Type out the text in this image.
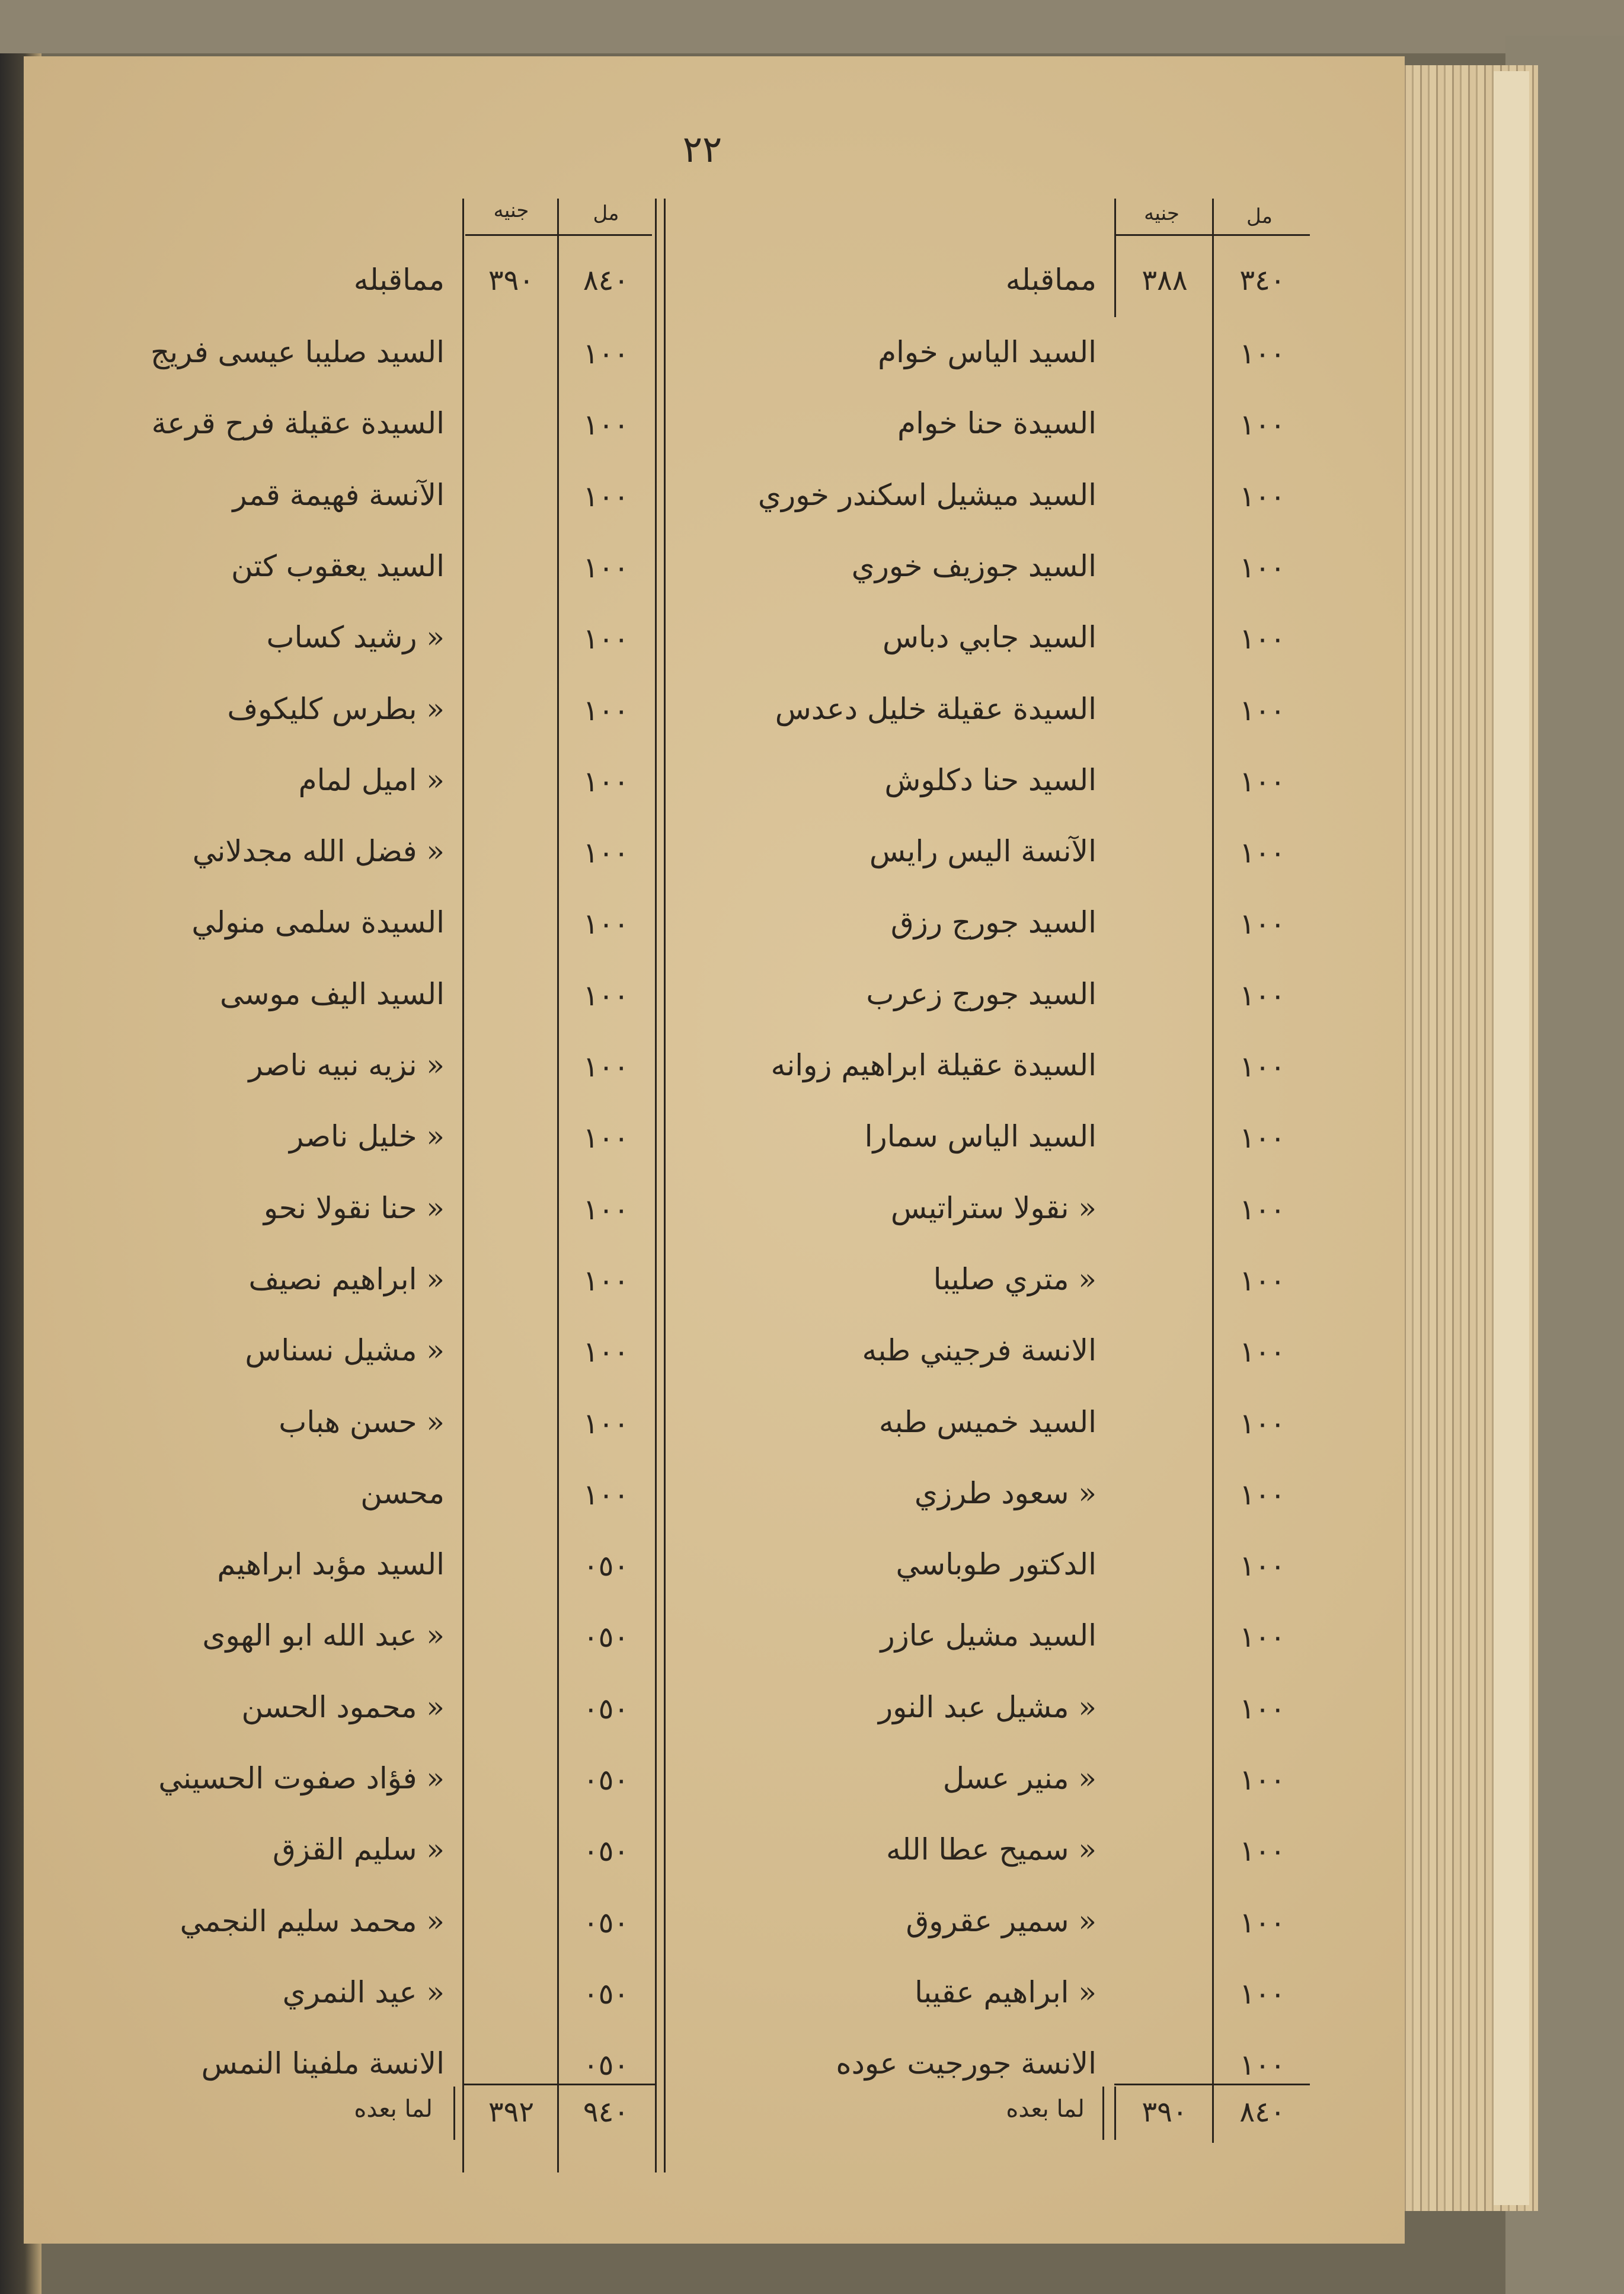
٢٢
مل
جنيه
مل
جنيه
٣٤٠
٣٨٨
مماقبله
٨٤٠
٣٩٠
مماقبله
١٠٠
السيد الياس خوام
١٠٠
السيدة حنا خوام
١٠٠
السيد ميشيل اسكندر خوري
١٠٠
السيد جوزيف خوري
١٠٠
السيد جابي دباس
١٠٠
السيدة عقيلة خليل دعدس
١٠٠
السيد حنا دكلوش
١٠٠
الآنسة اليس رايس
١٠٠
السيد جورج رزق
١٠٠
السيد جورج زعرب
١٠٠
السيدة عقيلة ابراهيم زوانه
١٠٠
السيد الياس سمارا
١٠٠
« نقولا ستراتيس
١٠٠
« متري صليبا
١٠٠
الانسة فرجيني طبه
١٠٠
السيد خميس طبه
١٠٠
« سعود طرزي
١٠٠
الدكتور طوباسي
١٠٠
السيد مشيل عازر
١٠٠
« مشيل عبد النور
١٠٠
« منير عسل
١٠٠
« سميح عطا الله
١٠٠
« سمير عقروق
١٠٠
« ابراهيم عقيبا
١٠٠
الانسة جورجيت عوده
١٠٠
السيد صليبا عيسى فريج
١٠٠
السيدة عقيلة فرح قرعة
١٠٠
الآنسة فهيمة قمر
١٠٠
السيد يعقوب كتن
١٠٠
« رشيد كساب
١٠٠
« بطرس كليكوف
١٠٠
« اميل لمام
١٠٠
« فضل الله مجدلاني
١٠٠
السيدة سلمى منولي
١٠٠
السيد اليف موسى
١٠٠
« نزيه نبيه ناصر
١٠٠
« خليل ناصر
١٠٠
« حنا نقولا نحو
١٠٠
« ابراهيم نصيف
١٠٠
« مشيل نسناس
١٠٠
« حسن هباب
١٠٠
محسن
٠٥٠
السيد مؤبد ابراهيم
٠٥٠
« عبد الله ابو الهوى
٠٥٠
« محمود الحسن
٠٥٠
« فؤاد صفوت الحسيني
٠٥٠
« سليم القزق
٠٥٠
« محمد سليم النجمي
٠٥٠
« عيد النمري
٠٥٠
الانسة ملفينا النمس
٨٤٠
٣٩٠
لما بعده
٩٤٠
٣٩٢
لما بعده
